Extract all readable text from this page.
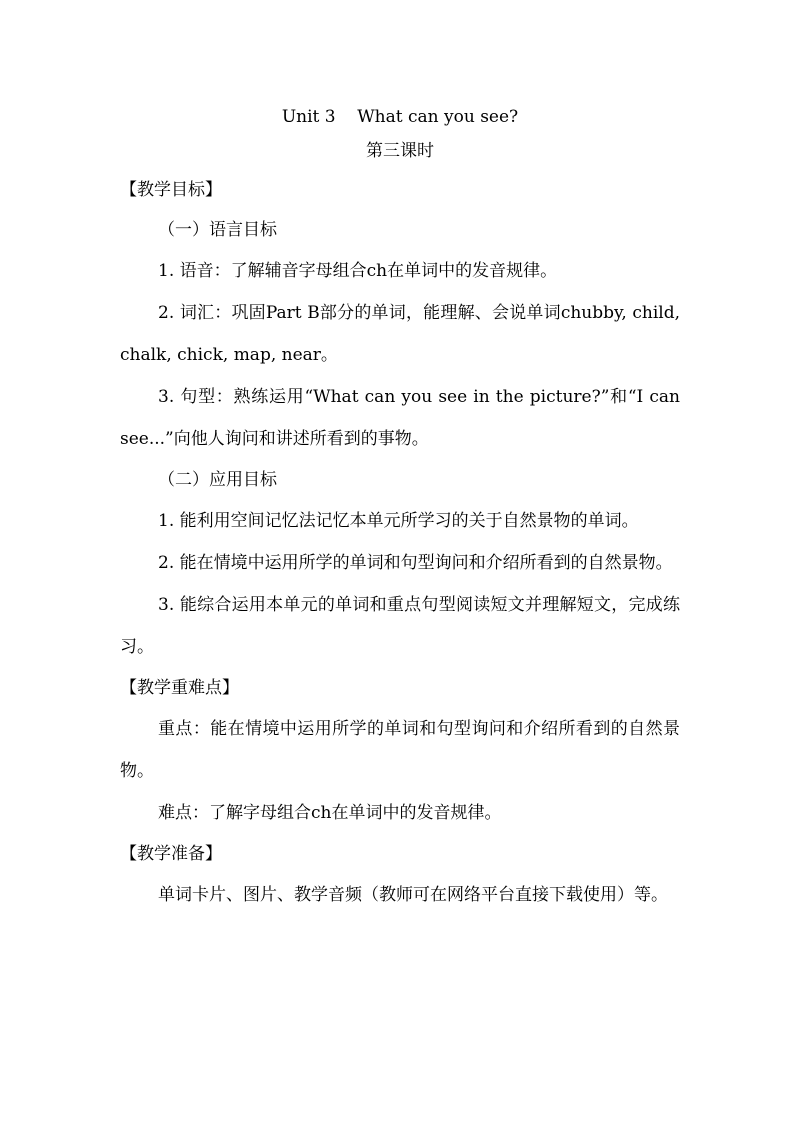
Unit 3    What can you see?

第三课时

【教学目标】

（一）语言目标

1. 语音：了解辅音字母组合ch在单词中的发音规律。

2. 词汇：巩固Part B部分的单词，能理解、会说单词chubby, child, chalk, chick, map, near。

3. 句型：熟练运用“What can you see in the picture?”和“I can see...”向他人询问和讲述所看到的事物。

（二）应用目标

1. 能利用空间记忆法记忆本单元所学习的关于自然景物的单词。

2. 能在情境中运用所学的单词和句型询问和介绍所看到的自然景物。

3. 能综合运用本单元的单词和重点句型阅读短文并理解短文，完成练习。

【教学重难点】

重点：能在情境中运用所学的单词和句型询问和介绍所看到的自然景物。

难点：了解字母组合ch在单词中的发音规律。

【教学准备】

单词卡片、图片、教学音频（教师可在网络平台直接下载使用）等。
